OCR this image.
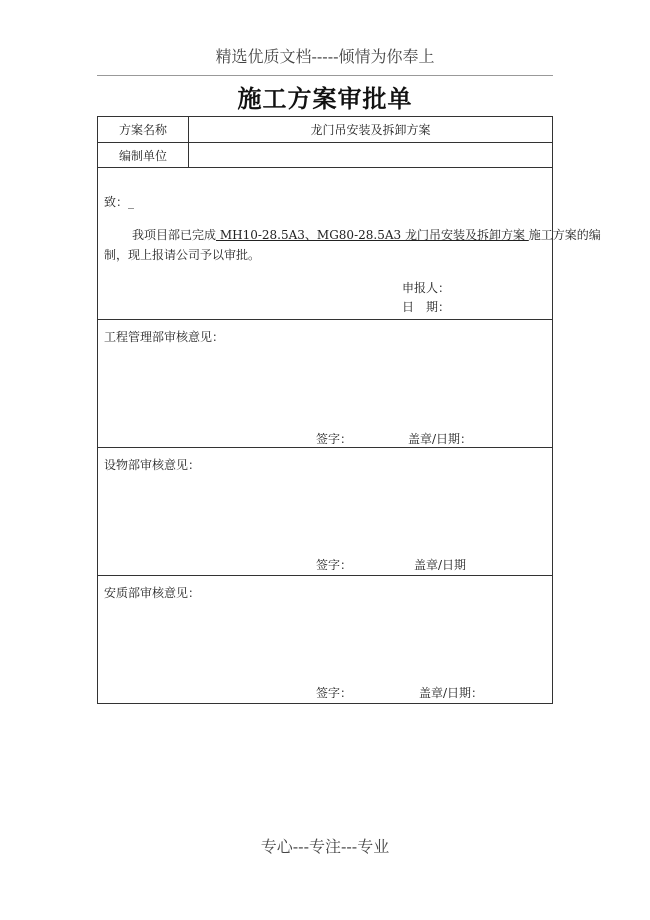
精选优质文档-----倾情为你奉上
施工方案审批单
方案名称	龙门吊安装及拆卸方案
编制单位
致：_
我项目部已完成 MH10-28.5A3、MG80-28.5A3 龙门吊安装及拆卸方案 施工方案的编
制，现上报请公司予以审批。
申报人：
日　期：
工程管理部审核意见：
签字：	盖章/日期：
设物部审核意见：
签字：	盖章/日期
安质部审核意见：
签字：	盖章/日期：
专心---专注---专业
